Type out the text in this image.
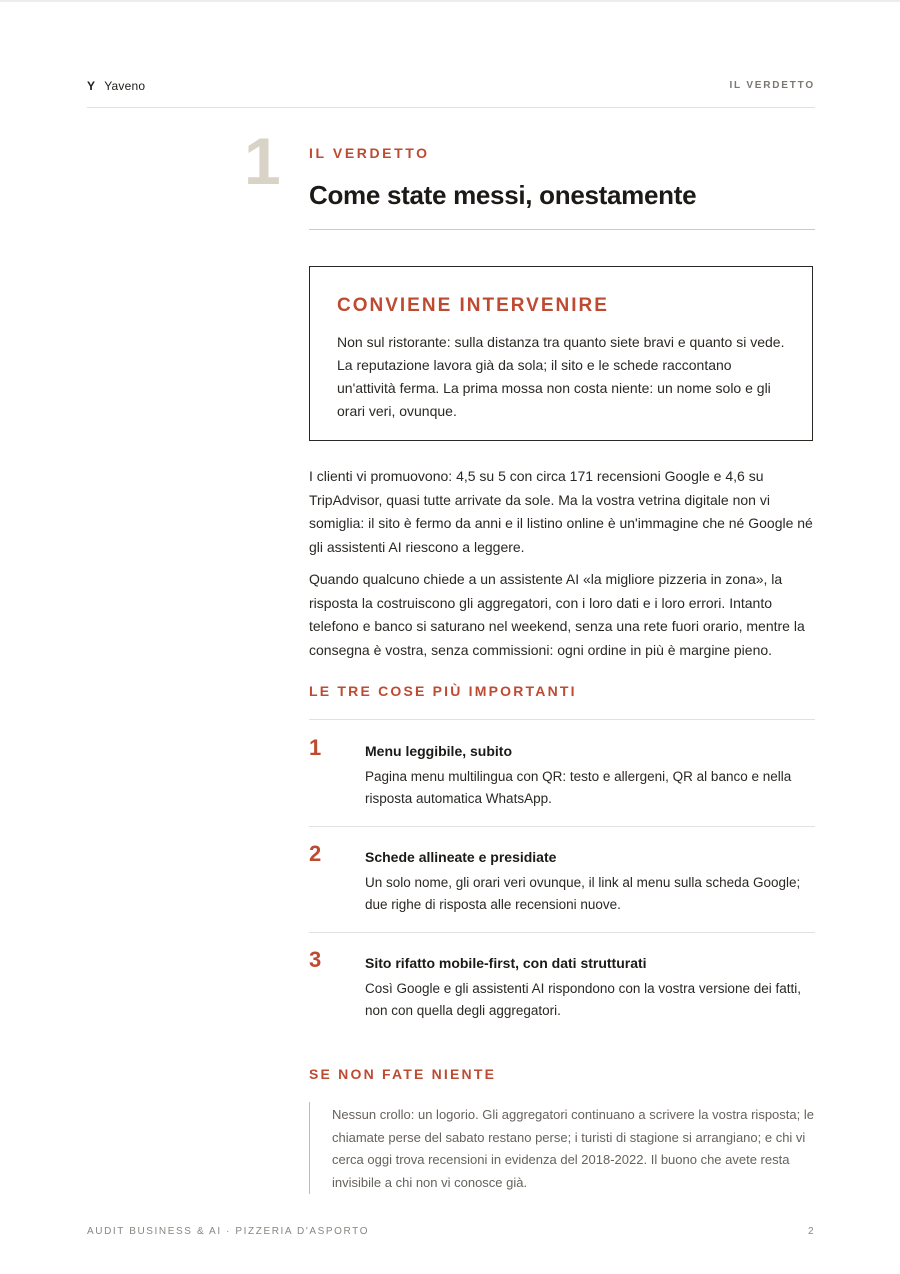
Y Yaveno	IL VERDETTO
1 IL VERDETTO
Come state messi, onestamente
CONVIENE INTERVENIRE
Non sul ristorante: sulla distanza tra quanto siete bravi e quanto si vede. La reputazione lavora già da sola; il sito e le schede raccontano un'attività ferma. La prima mossa non costa niente: un nome solo e gli orari veri, ovunque.

I clienti vi promuovono: 4,5 su 5 con circa 171 recensioni Google e 4,6 su TripAdvisor, quasi tutte arrivate da sole. Ma la vostra vetrina digitale non vi somiglia: il sito è fermo da anni e il listino online è un'immagine che né Google né gli assistenti AI riescono a leggere.

Quando qualcuno chiede a un assistente AI «la migliore pizzeria in zona», la risposta la costruiscono gli aggregatori, con i loro dati e i loro errori. Intanto telefono e banco si saturano nel weekend, senza una rete fuori orario, mentre la consegna è vostra, senza commissioni: ogni ordine in più è margine pieno.

LE TRE COSE PIÙ IMPORTANTI
1	Menu leggibile, subito
Pagina menu multilingua con QR: testo e allergeni, QR al banco e nella risposta automatica WhatsApp.
2	Schede allineate e presidiate
Un solo nome, gli orari veri ovunque, il link al menu sulla scheda Google; due righe di risposta alle recensioni nuove.
3	Sito rifatto mobile-first, con dati strutturati
Così Google e gli assistenti AI rispondono con la vostra versione dei fatti, non con quella degli aggregatori.
SE NON FATE NIENTE
Nessun crollo: un logorio. Gli aggregatori continuano a scrivere la vostra risposta; le chiamate perse del sabato restano perse; i turisti di stagione si arrangiano; e chi vi cerca oggi trova recensioni in evidenza del 2018-2022. Il buono che avete resta invisibile a chi non vi conosce già.
AUDIT BUSINESS & AI · PIZZERIA D'ASPORTO	2
